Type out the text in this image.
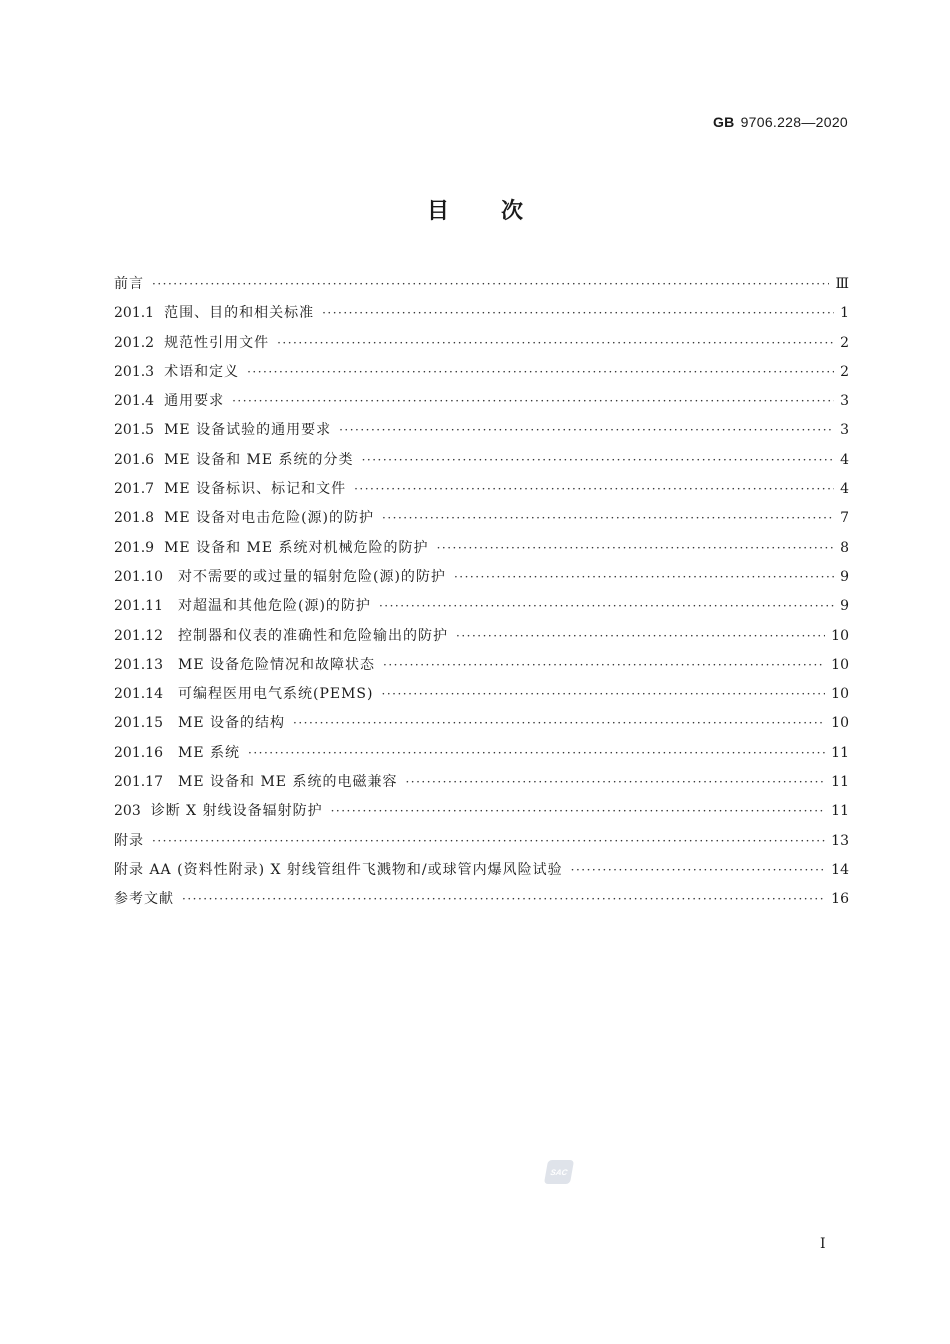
GB 9706.228—2020
目次
前言 ·····	Ⅲ
201.1 范围、目的和相关标准 ·····	1
201.2 规范性引用文件 ·····	2
201.3 术语和定义 ·····	2
201.4 通用要求 ·····	3
201.5 ME 设备试验的通用要求 ·····	3
201.6 ME 设备和 ME 系统的分类 ·····	4
201.7 ME 设备标识、标记和文件 ·····	4
201.8 ME 设备对电击危险(源)的防护 ·····	7
201.9 ME 设备和 ME 系统对机械危险的防护 ·····	8
201.10	对不需要的或过量的辐射危险(源)的防护 ·····	9
201.11	对超温和其他危险(源)的防护 ·····	9
201.12	控制器和仪表的准确性和危险输出的防护 ·····	10
201.13	ME 设备危险情况和故障状态 ·····	10
201.14	可编程医用电气系统(PEMS) ·····	10
201.15	ME 设备的结构 ·····	10
201.16	ME 系统 ·····	11
201.17	ME 设备和 ME 系统的电磁兼容 ·····	11
203 诊断 X 射线设备辐射防护 ·····	11
附录 ·····	13
附录 AA (资料性附录) X 射线管组件飞溅物和/或球管内爆风险试验 ·····	14
参考文献 ·····	16
SAC
I
